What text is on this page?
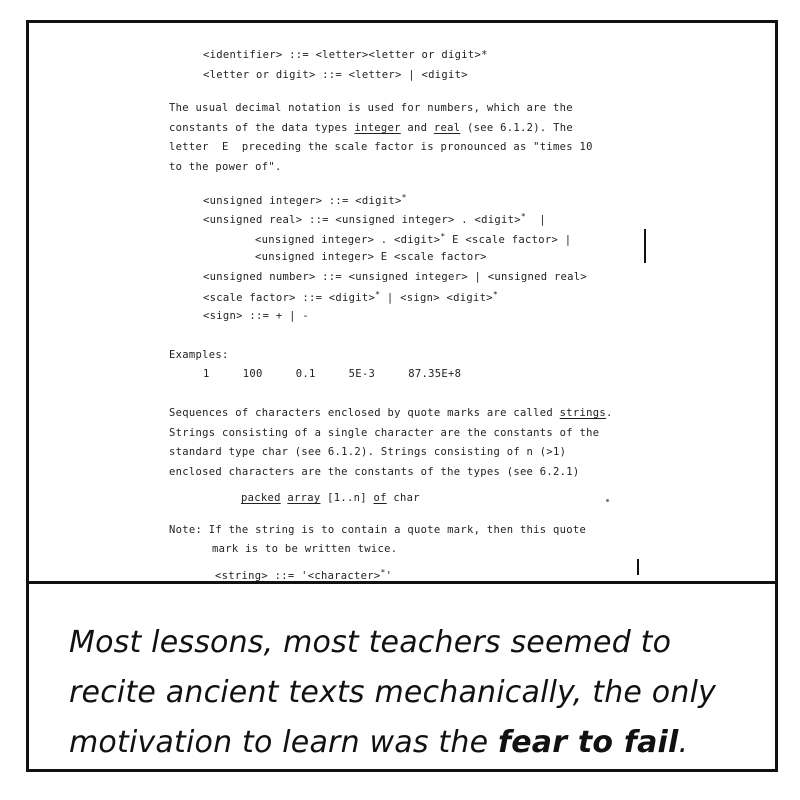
<identifier> ::= <letter><letter or digit>*
<letter or digit> ::= <letter> | <digit>
The usual decimal notation is used for numbers, which are the
constants of the data types integer and real (see 6.1.2). The
letter  E  preceding the scale factor is pronounced as "times 10
to the power of".
<unsigned integer> ::= <digit>*
<unsigned real> ::= <unsigned integer> . <digit>*  |
<unsigned integer> . <digit>* E <scale factor> |
<unsigned integer> E <scale factor>
<unsigned number> ::= <unsigned integer> | <unsigned real>
<scale factor> ::= <digit>* | <sign> <digit>*
<sign> ::= + | -
Examples:
1     100     0.1     5E-3     87.35E+8
Sequences of characters enclosed by quote marks are called strings.
Strings consisting of a single character are the constants of the
standard type char (see 6.1.2). Strings consisting of n (>1)
enclosed characters are the constants of the types (see 6.2.1)
packed array [1..n] of char
Note: If the string is to contain a quote mark, then this quote
mark is to be written twice.
<string> ::= '<character>*'
Most lessons, most teachers seemed to
recite ancient texts mechanically, the only
motivation to learn was the fear to fail.
